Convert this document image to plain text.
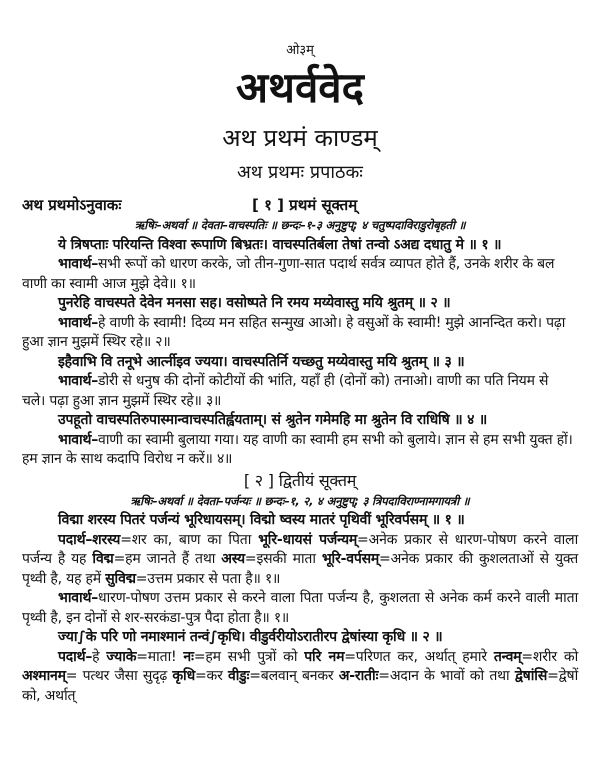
ओ३म्
अथर्ववेद
अथ प्रथमं काण्डम्
अथ प्रथमः प्रपाठकः
अथ प्रथमोऽनुवाकः	[ १ ] प्रथमं सूक्तम्
ऋषिः–अथर्वा ॥ देवता–वाचस्पतिः ॥ छन्दः–१-३ अनुष्टुप्; ४ चतुष्पदाविराडुरोबृहती ॥
ये त्रिषप्ताः परियन्ति विश्वा रूपाणि बिभ्रतः। वाचस्पतिर्बला तेषां तन्वो ऽअद्य दधातु मे ॥ १ ॥
भावार्थ–सभी रूपों को धारण करके, जो तीन-गुणा-सात पदार्थ सर्वत्र व्यापत होते हैं, उनके शरीर के बल
वाणी का स्वामी आज मुझे देवे॥ १॥
पुनरेहि वाचस्पते देवेन मनसा सह। वसोष्पते नि रमय मय्येवास्तु मयि श्रुतम् ॥ २ ॥
भावार्थ–हे वाणी के स्वामी! दिव्य मन सहित सन्मुख आओ। हे वसुओं के स्वामी! मुझे आनन्दित करो। पढ़ा
हुआ ज्ञान मुझमें स्थिर रहे॥ २॥
इहैवाभि वि तनूभे आर्त्नीइव ज्यया। वाचस्पतिर्नि यच्छतु मय्येवास्तु मयि श्रुतम् ॥ ३ ॥
भावार्थ–डोरी से धनुष की दोनों कोटीयों की भांति, यहाँ ही (दोनों को) तनाओ। वाणी का पति नियम से
चले। पढ़ा हुआ ज्ञान मुझमें स्थिर रहे॥ ३॥
उपहूतो वाचस्पतिरुपास्मान्वाचस्पतिर्ह्वयताम्। सं श्रुतेन गमेमहि मा श्रुतेन वि राधिषि ॥ ४ ॥
भावार्थ–वाणी का स्वामी बुलाया गया। यह वाणी का स्वामी हम सभी को बुलाये। ज्ञान से हम सभी युक्त हों।
हम ज्ञान के साथ कदापि विरोध न करें॥ ४॥
[ २ ] द्वितीयं सूक्तम्
ऋषिः–अथर्वा ॥ देवता–पर्जन्यः ॥ छन्दः–१, २, ४ अनुष्टुप्; ३ त्रिपदाविराण्नामगायत्री ॥
विद्मा शरस्य पितरं पर्जन्यं भूरिधायसम्। विद्मो ष्वस्य मातरं पृथिवीं भूरिवर्पसम् ॥ १ ॥
पदार्थ–शरस्य=शर का, बाण का पिता भूरि-धायसं पर्जन्यम्=अनेक प्रकार से धारण-पोषण करने वाला पर्जन्य है यह विद्म=हम जानते हैं तथा अस्य=इसकी माता भूरि-वर्पसम्=अनेक प्रकार की कुशलताओं से युक्त पृथ्वी है, यह हमें सुविद्म=उत्तम प्रकार से पता है॥ १॥
भावार्थ–धारण-पोषण उत्तम प्रकार से करने वाला पिता पर्जन्य है, कुशलता से अनेक कर्म करने वाली माता पृथ्वी है, इन दोनों से शर-सरकंडा-पुत्र पैदा होता है॥ १॥
ज्या∫के परि णो नमाश्मानं तन्वं∫कृधि। वीडुर्वरीयोऽरातीरप द्वेषांस्या कृधि ॥ २ ॥
पदार्थ–हे ज्याके=माता! नः=हम सभी पुत्रों को परि नम=परिणत कर, अर्थात् हमारे तन्वम्=शरीर को अश्मानम्= पत्थर जैसा सुदृढ़ कृधि=कर वीडुः=बलवान् बनकर अ-रातीः=अदान के भावों को तथा द्वेषांसि=द्वेषों को, अर्थात्
